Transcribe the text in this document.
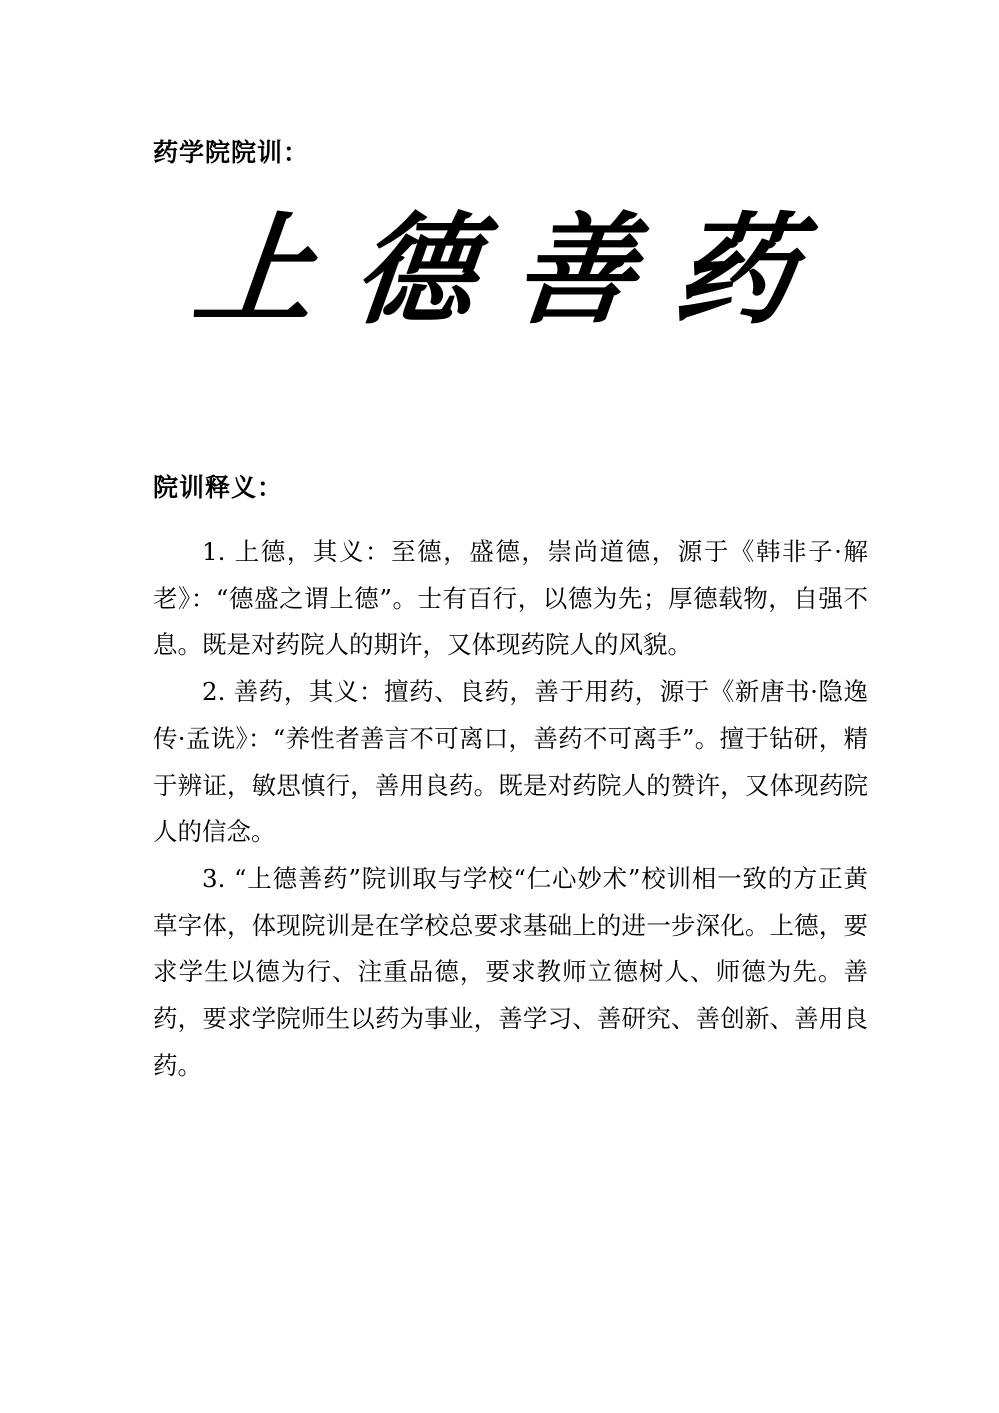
药学院院训：
上 德 善 药
院训释义：

1. 上德，其义：至德，盛德，崇尚道德，源于《韩非子·解老》：“德盛之谓上德”。士有百行，以德为先；厚德载物，自强不息。既是对药院人的期许，又体现药院人的风貌。

2. 善药，其义：擅药、良药，善于用药，源于《新唐书·隐逸传·孟诜》：“养性者善言不可离口，善药不可离手”。擅于钻研，精于辨证，敏思慎行，善用良药。既是对药院人的赞许，又体现药院人的信念。

3. “上德善药”院训取与学校“仁心妙术”校训相一致的方正黄草字体，体现院训是在学校总要求基础上的进一步深化。上德，要求学生以德为行、注重品德，要求教师立德树人、师德为先。善药，要求学院师生以药为事业，善学习、善研究、善创新、善用良药。
